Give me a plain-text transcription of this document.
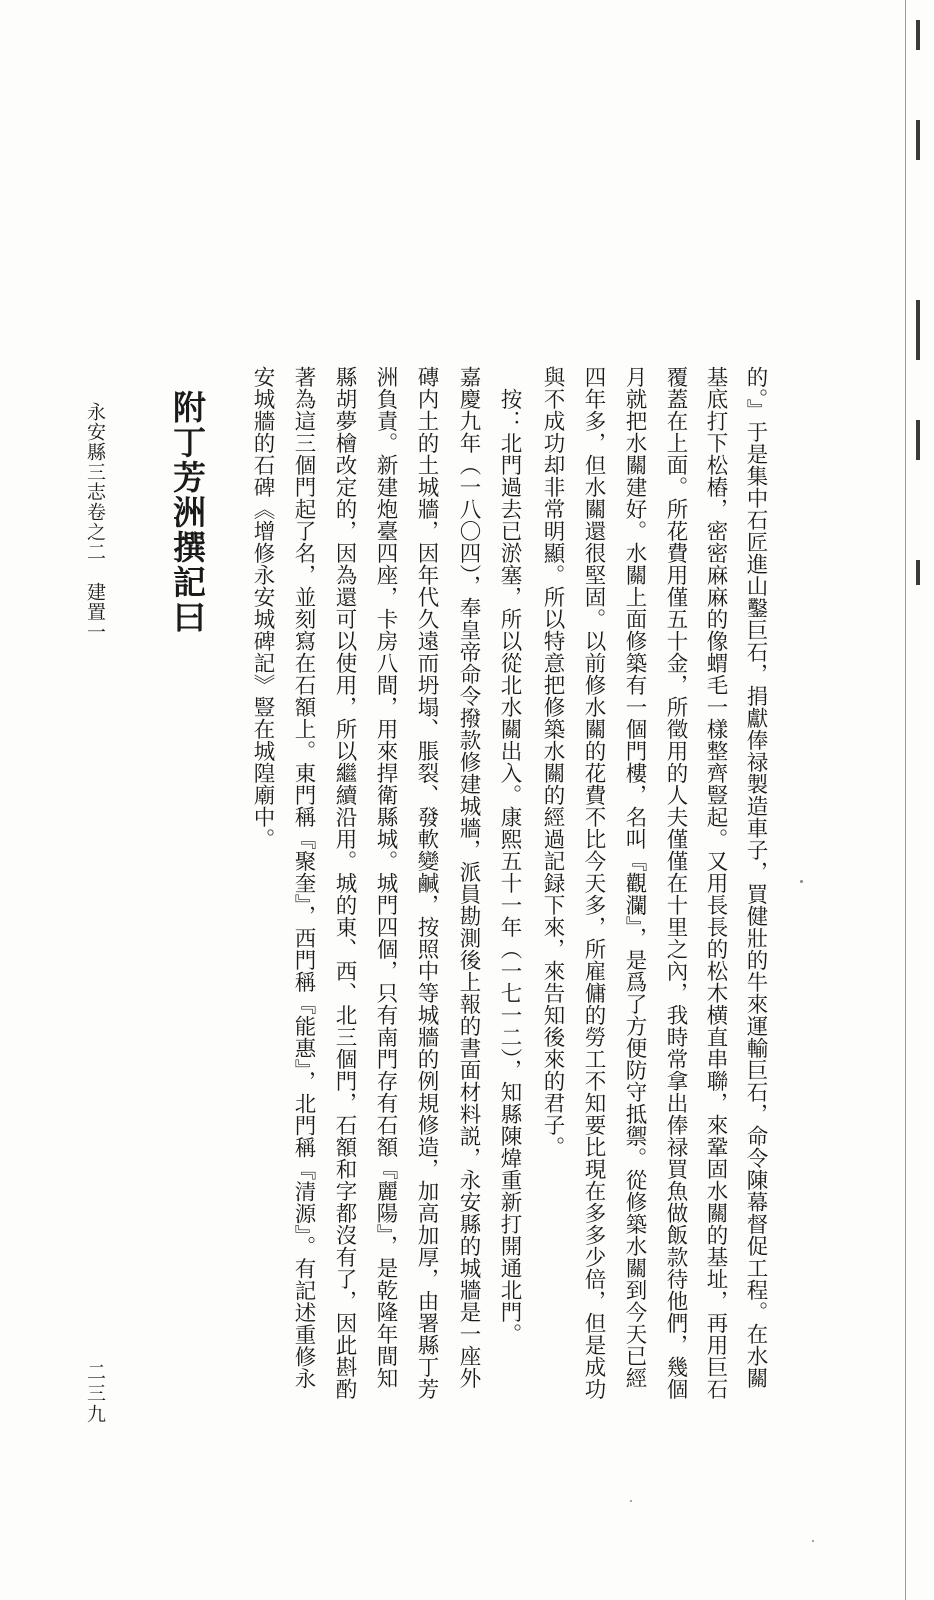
的。』于是集中石匠進山鑿巨石，捐獻俸禄製造車子，買健壯的牛來運輸巨石，命令陳幕督促工程。在水關
基底打下松樁，密密麻麻的像蝟毛一樣整齊豎起。又用長長的松木横直串聯，來鞏固水關的基址，再用巨石
覆蓋在上面。所花費用僅五十金，所徵用的人夫僅僅在十里之內，我時常拿出俸禄買魚做飯款待他們，幾個
月就把水關建好。水關上面修築有一個門樓，名叫『觀瀾』，是爲了方便防守抵禦。從修築水關到今天已經
四年多，但水關還很堅固。以前修水關的花費不比今天多，所雇傭的勞工不知要比現在多多少倍，但是成功
與不成功却非常明顯。所以特意把修築水關的經過記録下來，來告知後來的君子。
　按：北門過去已淤塞，所以從北水關出入。康熙五十一年（一七一二），知縣陳煒重新打開通北門。
嘉慶九年（一八〇四），奉皇帝命令撥款修建城牆，派員勘測後上報的書面材料説，永安縣的城牆是一座外
磚内土的土城牆，因年代久遠而坍塌、脹裂、發軟變鹹，按照中等城牆的例規修造，加高加厚，由署縣丁芳
洲負責。新建炮臺四座，卡房八間，用來捍衛縣城。城門四個，只有南門存有石額『麗陽』，是乾隆年間知
縣胡夢檜改定的，因為還可以使用，所以繼續沿用。城的東、西、北三個門，石額和字都沒有了，因此斟酌
著為這三個門起了名，並刻寫在石額上。東門稱『聚奎』，西門稱『能惠』，北門稱『清源』。有記述重修永
安城牆的石碑《增修永安城碑記》豎在城隍廟中。
附丁芳洲撰記曰
永安縣三志卷之二　建置一
二三九
